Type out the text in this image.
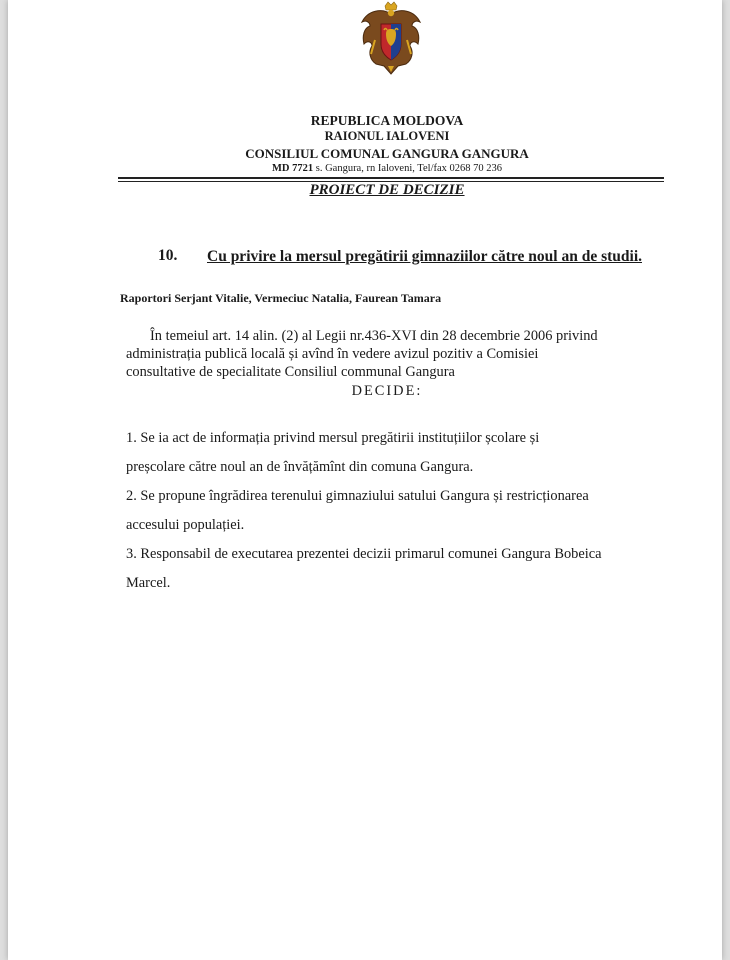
REPUBLICA MOLDOVA
RAIONUL IALOVENI
CONSILIUL COMUNAL GANGURA GANGURA
MD 7721 s. Gangura, rn Ialoveni, Tel/fax 0268 70 236
PROIECT DE DECIZIE
10.	Cu privire la mersul pregătirii gimnaziilor către noul an de studii.
Raportori Serjant Vitalie, Vermeciuc Natalia, Faurean Tamara

În temeiul art. 14 alin. (2) al Legii nr.436-XVI din 28 decembrie 2006 privind

administrația publică locală și avînd în vedere avizul pozitiv a Comisiei

consultative de specialitate Consiliul communal Gangura

DECIDE:
1. Se ia act de informația privind mersul pregătirii instituțiilor școlare și
preșcolare către noul an de învățămînt din comuna Gangura.
2. Se propune îngrădirea terenului gimnaziului satului Gangura și restricționarea
accesului populației.
3. Responsabil de executarea prezentei decizii primarul comunei Gangura Bobeica
Marcel.
